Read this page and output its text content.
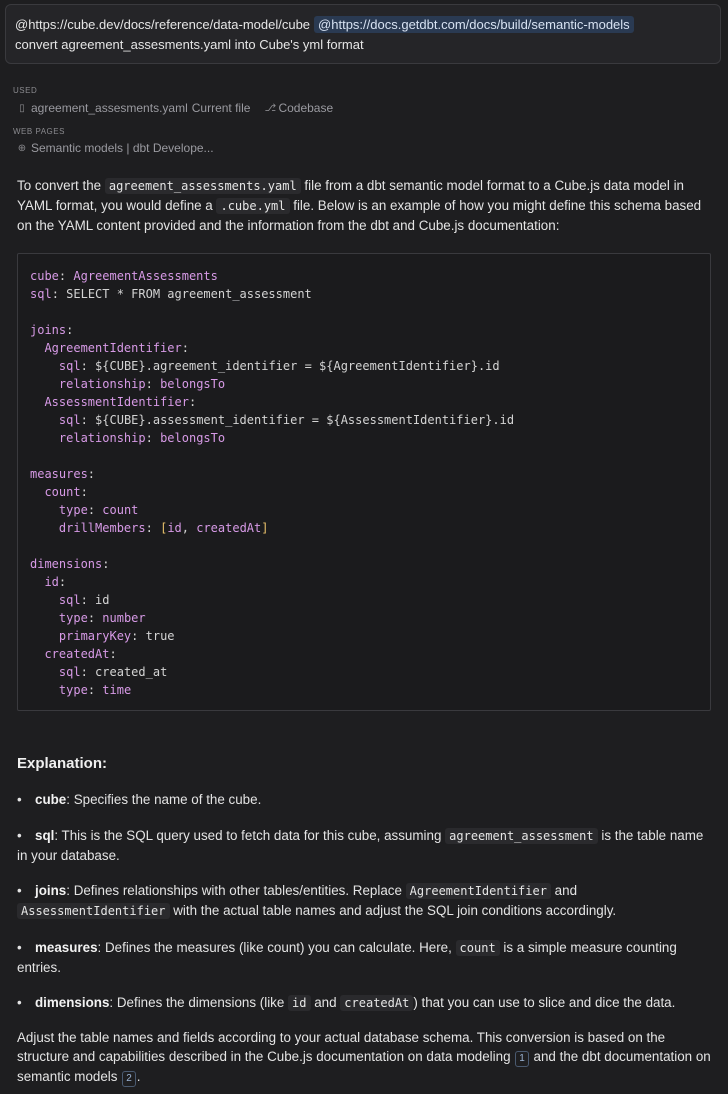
@https://cube.dev/docs/reference/data-model/cube @https://docs.getdbt.com/docs/build/semantic-models
convert agreement_assesments.yaml into Cube's yml format
USED
▯ agreement_assesments.yaml Current file ⎇ Codebase
WEB PAGES
⊕ Semantic models | dbt Develope...
To convert the agreement_assessments.yaml file from a dbt semantic model format to a Cube.js data model in YAML format, you would define a .cube.yml file. Below is an example of how you might define this schema based on the YAML content provided and the information from the dbt and Cube.js documentation:
cube: AgreementAssessments
sql: SELECT * FROM agreement_assessment
joins:
AgreementIdentifier:
sql: ${CUBE}.agreement_identifier = ${AgreementIdentifier}.id
relationship: belongsTo
AssessmentIdentifier:
sql: ${CUBE}.assessment_identifier = ${AssessmentIdentifier}.id
relationship: belongsTo
measures:
count:
type: count
drillMembers: [id, createdAt]
dimensions:
id:
sql: id
type: number
primaryKey: true
createdAt:
sql: created_at
type: time
Explanation:
• cube: Specifies the name of the cube.
• sql: This is the SQL query used to fetch data for this cube, assuming agreement_assessment is the table name in your database.
• joins: Defines relationships with other tables/entities. Replace AgreementIdentifier and AssessmentIdentifier with the actual table names and adjust the SQL join conditions accordingly.
• measures: Defines the measures (like count) you can calculate. Here, count is a simple measure counting entries.
• dimensions: Defines the dimensions (like id and createdAt ) that you can use to slice and dice the data.
Adjust the table names and fields according to your actual database schema. This conversion is based on the structure and capabilities described in the Cube.js documentation on data modeling 1 and the dbt documentation on semantic models 2 .
